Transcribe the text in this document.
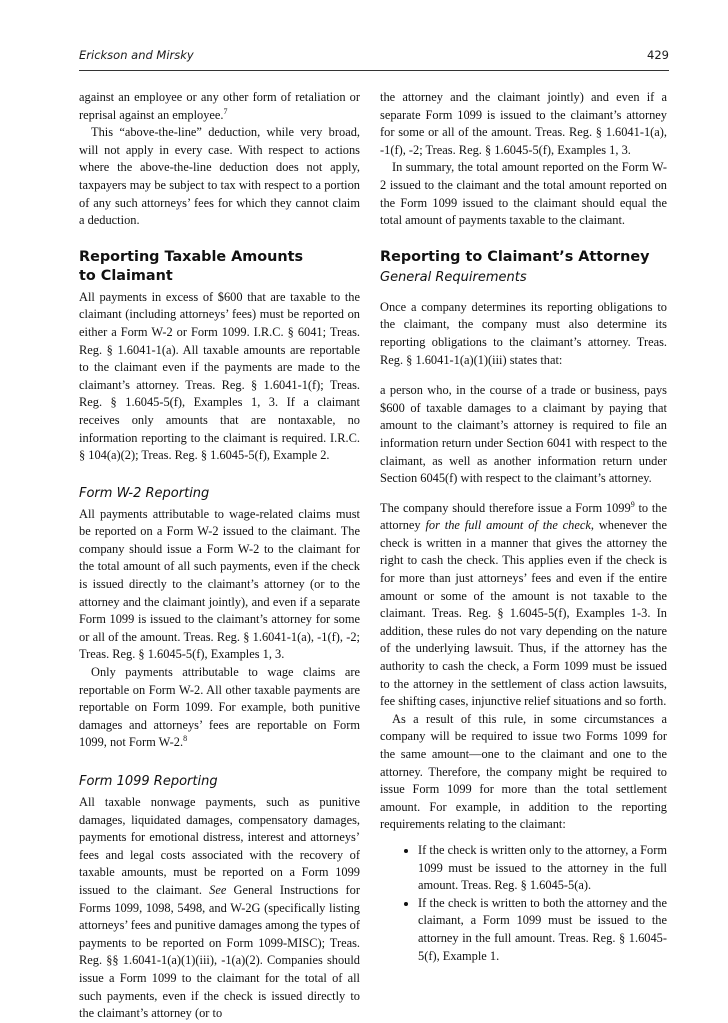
Erickson and Mirsky	429

against an employee or any other form of retaliation or reprisal against an employee.$^7$

This “above-the-line” deduction, while very broad, will not apply in every case. With respect to actions where the above-the-line deduction does not apply, taxpayers may be subject to tax with respect to a portion of any such attorneys’ fees for which they cannot claim a deduction.

Reporting Taxable Amounts
to Claimant

All payments in excess of $600 that are taxable to the claimant (including attorneys’ fees) must be reported on either a Form W-2 or Form 1099. I.R.C. § 6041; Treas. Reg. § 1.6041-1(a). All taxable amounts are reportable to the claimant even if the payments are made to the claimant’s attorney. Treas. Reg. § 1.6041-1(f); Treas. Reg. § 1.6045-5(f), Examples 1, 3. If a claimant receives only amounts that are nontaxable, no information reporting to the claimant is required. I.R.C. § 104(a)(2); Treas. Reg. § 1.6045-5(f), Example 2.

Form W-2 Reporting

All payments attributable to wage-related claims must be reported on a Form W-2 issued to the claimant. The company should issue a Form W-2 to the claimant for the total amount of all such payments, even if the check is issued directly to the claimant’s attorney (or to the attorney and the claimant jointly), and even if a separate Form 1099 is issued to the claimant’s attorney for some or all of the amount. Treas. Reg. § 1.6041-1(a), -1(f), -2; Treas. Reg. § 1.6045-5(f), Examples 1, 3.

Only payments attributable to wage claims are reportable on Form W-2. All other taxable payments are reportable on Form 1099. For example, both punitive damages and attorneys’ fees are reportable on Form 1099, not Form W-2.$^8$

Form 1099 Reporting

All taxable nonwage payments, such as punitive damages, liquidated damages, compensatory damages, payments for emotional distress, interest and attorneys’ fees and legal costs associated with the recovery of taxable amounts, must be reported on a Form 1099 issued to the claimant. See General Instructions for Forms 1099, 1098, 5498, and W-2G (specifically listing attorneys’ fees and punitive damages among the types of payments to be reported on Form 1099-MISC); Treas. Reg. §§ 1.6041-1(a)(1)(iii), -1(a)(2). Companies should issue a Form 1099 to the claimant for the total of all such payments, even if the check is issued directly to the claimant’s attorney (or to

the attorney and the claimant jointly) and even if a separate Form 1099 is issued to the claimant’s attorney for some or all of the amount. Treas. Reg. § 1.6041-1(a), -1(f), -2; Treas. Reg. § 1.6045-5(f), Examples 1, 3.

In summary, the total amount reported on the Form W-2 issued to the claimant and the total amount reported on the Form 1099 issued to the claimant should equal the total amount of payments taxable to the claimant.

Reporting to Claimant’s Attorney
General Requirements

Once a company determines its reporting obligations to the claimant, the company must also determine its reporting obligations to the claimant’s attorney. Treas. Reg. § 1.6041-1(a)(1)(iii) states that:

a person who, in the course of a trade or business, pays $600 of taxable damages to a claimant by paying that amount to the claimant’s attorney is required to file an information return under Section 6041 with respect to the claimant, as well as another information return under Section 6045(f) with respect to the claimant’s attorney.

The company should therefore issue a Form 1099$^9$ to the attorney for the full amount of the check, whenever the check is written in a manner that gives the attorney the right to cash the check. This applies even if the check is for more than just attorneys’ fees and even if the entire amount or some of the amount is not taxable to the claimant. Treas. Reg. § 1.6045-5(f), Examples 1-3. In addition, these rules do not vary depending on the nature of the underlying lawsuit. Thus, if the attorney has the authority to cash the check, a Form 1099 must be issued to the attorney in the settlement of class action lawsuits, fee shifting cases, injunctive relief situations and so forth.

As a result of this rule, in some circumstances a company will be required to issue two Forms 1099 for the same amount—one to the claimant and one to the attorney. Therefore, the company might be required to issue Form 1099 for more than the total settlement amount. For example, in addition to the reporting requirements relating to the claimant:

• If the check is written only to the attorney, a Form 1099 must be issued to the attorney in the full amount. Treas. Reg. § 1.6045-5(a).
• If the check is written to both the attorney and the claimant, a Form 1099 must be issued to the attorney in the full amount. Treas. Reg. § 1.6045-5(f), Example 1.
